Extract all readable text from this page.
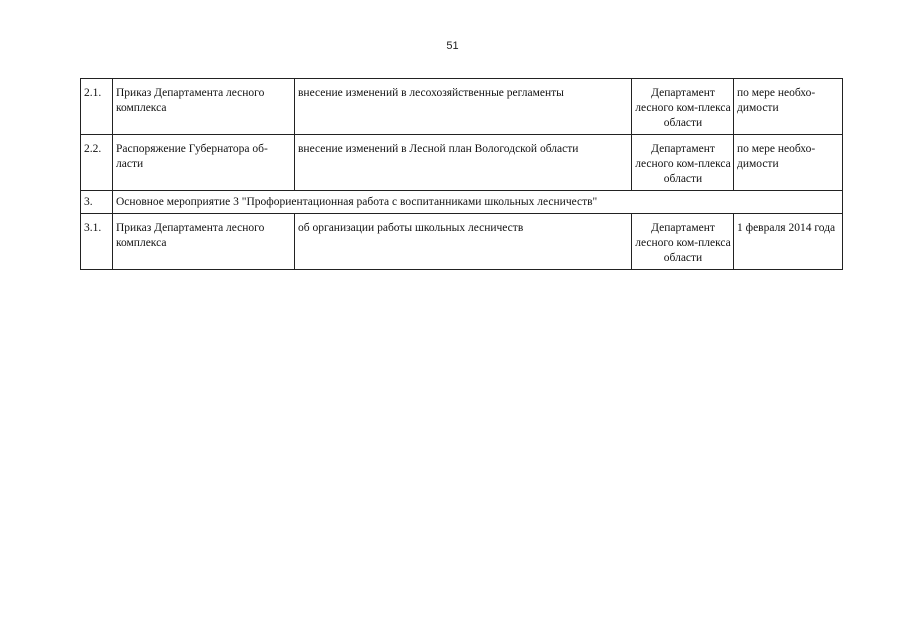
51
2.1.	Приказ Департамента лесного комплекса	внесение изменений в лесохозяйственные регламенты	Департамент лесного ком-плекса области	по мере необхо-димости
2.2.	Распоряжение Губернатора об-ласти	внесение изменений в Лесной план Вологодской области	Департамент лесного ком-плекса области	по мере необхо-димости
3.	Основное мероприятие 3 "Профориентационная работа с воспитанниками школьных лесничеств"			
3.1.	Приказ Департамента лесного комплекса	об организации работы школьных лесничеств	Департамент лесного ком-плекса области	1 февраля 2014 года
